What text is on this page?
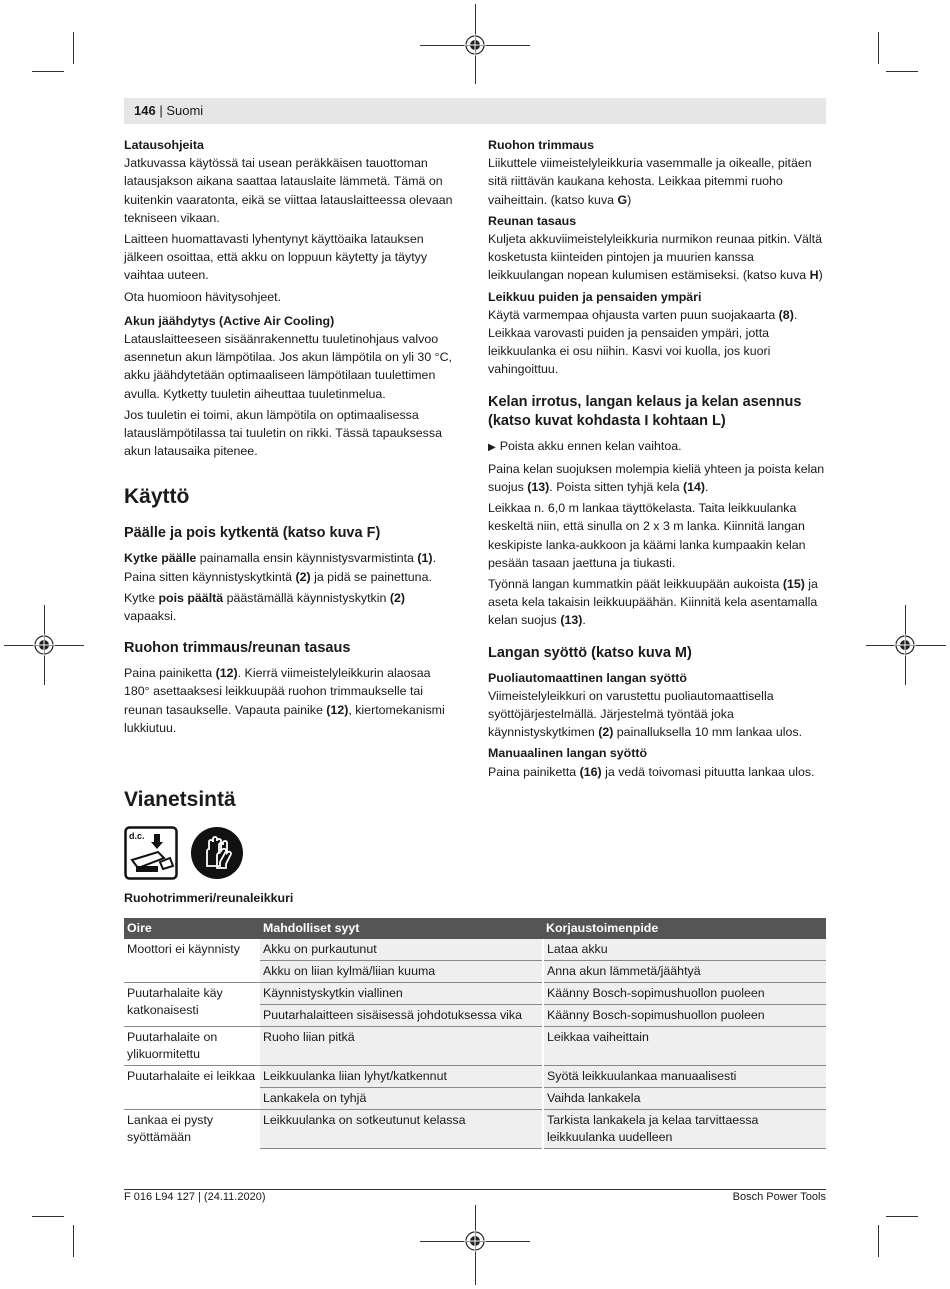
146 | Suomi

Latausohjeita

Jatkuvassa käytössä tai usean peräkkäisen tauottoman latausjakson aikana saattaa latauslaite lämmetä. Tämä on kuitenkin vaaratonta, eikä se viittaa latauslaitteessa olevaan tekniseen vikaan.

Laitteen huomattavasti lyhentynyt käyttöaika latauksen jälkeen osoittaa, että akku on loppuun käytetty ja täytyy vaihtaa uuteen.

Ota huomioon hävitysohjeet.

Akun jäähdytys (Active Air Cooling)

Latauslaitteeseen sisäänrakennettu tuuletinohjaus valvoo asennetun akun lämpötilaa. Jos akun lämpötila on yli 30 °C, akku jäähdytetään optimaaliseen lämpötilaan tuulettimen avulla. Kytketty tuuletin aiheuttaa tuuletinmelua.

Jos tuuletin ei toimi, akun lämpötila on optimaalisessa latauslämpötilassa tai tuuletin on rikki. Tässä tapauksessa akun latausaika pitenee.

Käyttö
Päälle ja pois kytkentä (katso kuva F)

Kytke päälle painamalla ensin käynnistysvarmistinta (1). Paina sitten käynnistyskytkintä (2) ja pidä se painettuna.

Kytke pois päältä päästämällä käynnistyskytkin (2) vapaaksi.

Ruohon trimmaus/reunan tasaus

Paina painiketta (12). Kierrä viimeistelyleikkurin alaosaa 180° asettaaksesi leikkuupää ruohon trimmaukselle tai reunan tasaukselle. Vapauta painike (12), kiertomekanismi lukkiutuu.

Ruohon trimmaus

Liikuttele viimeistelyleikkuria vasemmalle ja oikealle, pitäen sitä riittävän kaukana kehosta. Leikkaa pitemmi ruoho vaiheittain. (katso kuva G)

Reunan tasaus

Kuljeta akkuviimeistelyleikkuria nurmikon reunaa pitkin. Vältä kosketusta kiinteiden pintojen ja muurien kanssa leikkuulangan nopean kulumisen estämiseksi. (katso kuva H)

Leikkuu puiden ja pensaiden ympäri

Käytä varmempaa ohjausta varten puun suojakaarta (8). Leikkaa varovasti puiden ja pensaiden ympäri, jotta leikkuulanka ei osu niihin. Kasvi voi kuolla, jos kuori vahingoittuu.

Kelan irrotus, langan kelaus ja kelan asennus (katso kuvat kohdasta I kohtaan L)

▶ Poista akku ennen kelan vaihtoa.

Paina kelan suojuksen molempia kieliä yhteen ja poista kelan suojus (13). Poista sitten tyhjä kela (14).

Leikkaa n. 6,0 m lankaa täyttökelasta. Taita leikkuulanka keskeltä niin, että sinulla on 2 x 3 m lanka. Kiinnitä langan keskipiste lanka-aukkoon ja käämi lanka kumpaakin kelan pesään tasaan jaettuna ja tiukasti.

Työnnä langan kummatkin päät leikkuupään aukoista (15) ja aseta kela takaisin leikkuupäähän. Kiinnitä kela asentamalla kelan suojus (13).

Langan syöttö (katso kuva M)

Puoliautomaattinen langan syöttö

Viimeistelyleikkuri on varustettu puoliautomaattisella syöttöjärjestelmällä. Järjestelmä työntää joka käynnistyskytkimen (2) painalluksella 10 mm lankaa ulos.

Manuaalinen langan syöttö

Paina painiketta (16) ja vedä toivomasi pituutta lankaa ulos.

Vianetsintä
d.c.
Ruohotrimmeri/reunaleikkuri
Oire	Mahdolliset syyt	Korjaustoimenpide
Moottori ei käynnisty	Akku on purkautunut	Lataa akku
	Akku on liian kylmä/liian kuuma	Anna akun lämmetä/jäähtyä
Puutarhalaite käy katkonaisesti	Käynnistyskytkin viallinen	Käänny Bosch-sopimushuollon puoleen
	Puutarhalaitteen sisäisessä johdotuksessa vika	Käänny Bosch-sopimushuollon puoleen
Puutarhalaite on ylikuormitettu	Ruoho liian pitkä	Leikkaa vaiheittain
Puutarhalaite ei leikkaa	Leikkuulanka liian lyhyt/katkennut	Syötä leikkuulankaa manuaalisesti
	Lankakela on tyhjä	Vaihda lankakela
Lankaa ei pysty syöttämään	Leikkuulanka on sotkeutunut kelassa	Tarkista lankakela ja kelaa tarvittaessa leikkuulanka uudelleen
F 016 L94 127 | (24.11.2020)	Bosch Power Tools
